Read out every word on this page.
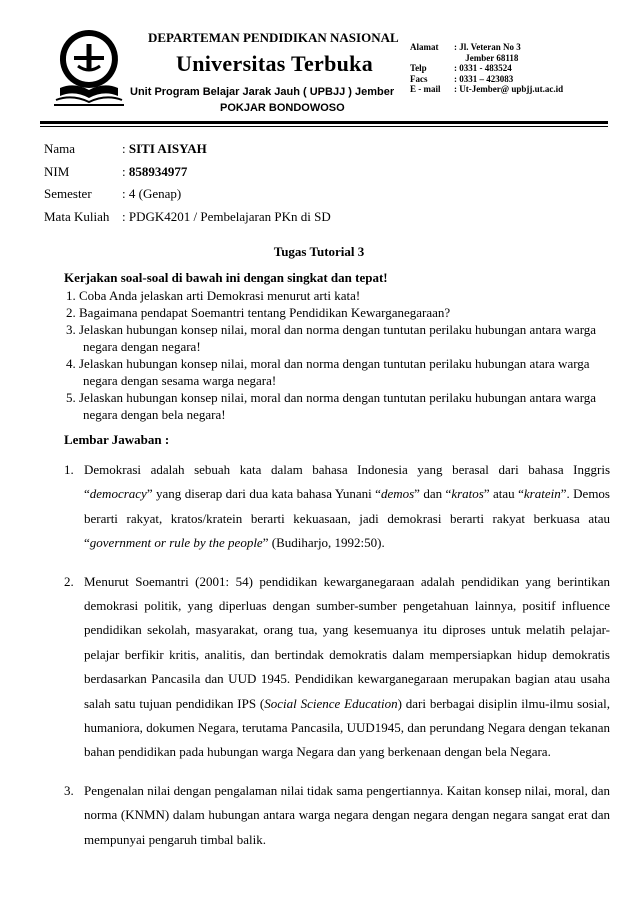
DEPARTEMAN PENDIDIKAN NASIONAL
Universitas Terbuka
Unit Program Belajar Jarak Jauh ( UPBJJ ) Jember
POKJAR BONDOWOSO
Alamat	: Jl. Veteran No 3
	Jember 68118
Telp	: 0331 - 483524
Facs	: 0331 – 423083
E - mail	: Ut-Jember@ upbjj.ut.ac.id
Nama	: SITI AISYAH
NIM	: 858934977
Semester	: 4 (Genap)
Mata Kuliah	: PDGK4201 / Pembelajaran PKn di SD
Tugas Tutorial 3
Kerjakan soal-soal di bawah ini dengan singkat dan tepat!
1. Coba Anda jelaskan arti Demokrasi menurut arti kata!
2. Bagaimana pendapat Soemantri tentang Pendidikan Kewarganegaraan?
3. Jelaskan hubungan konsep nilai, moral dan norma dengan tuntutan perilaku hubungan antara warga negara dengan negara!
4. Jelaskan hubungan konsep nilai, moral dan norma dengan tuntutan perilaku hubungan atara warga negara dengan sesama warga negara!
5. Jelaskan hubungan konsep nilai, moral dan norma dengan tuntutan perilaku hubungan antara warga negara dengan bela negara!
Lembar Jawaban :
1. Demokrasi adalah sebuah kata dalam bahasa Indonesia yang berasal dari bahasa Inggris “democracy” yang diserap dari dua kata bahasa Yunani “demos” dan “kratos” atau “kratein”. Demos berarti rakyat, kratos/kratein berarti kekuasaan, jadi demokrasi berarti rakyat berkuasa atau “government or rule by the people” (Budiharjo, 1992:50).
2. Menurut Soemantri (2001: 54) pendidikan kewarganegaraan adalah pendidikan yang berintikan demokrasi politik, yang diperluas dengan sumber-sumber pengetahuan lainnya, positif influence pendidikan sekolah, masyarakat, orang tua, yang kesemuanya itu diproses untuk melatih pelajar-pelajar berfikir kritis, analitis, dan bertindak demokratis dalam mempersiapkan hidup demokratis berdasarkan Pancasila dan UUD 1945. Pendidikan kewarganegaraan merupakan bagian atau usaha salah satu tujuan pendidikan IPS (Social Science Education) dari berbagai disiplin ilmu-ilmu sosial, humaniora, dokumen Negara, terutama Pancasila, UUD1945, dan perundang Negara dengan tekanan bahan pendidikan pada hubungan warga Negara dan yang berkenaan dengan bela Negara.
3. Pengenalan nilai dengan pengalaman nilai tidak sama pengertiannya. Kaitan konsep nilai, moral, dan norma (KNMN) dalam hubungan antara warga negara dengan negara dengan negara sangat erat dan mempunyai pengaruh timbal balik.
